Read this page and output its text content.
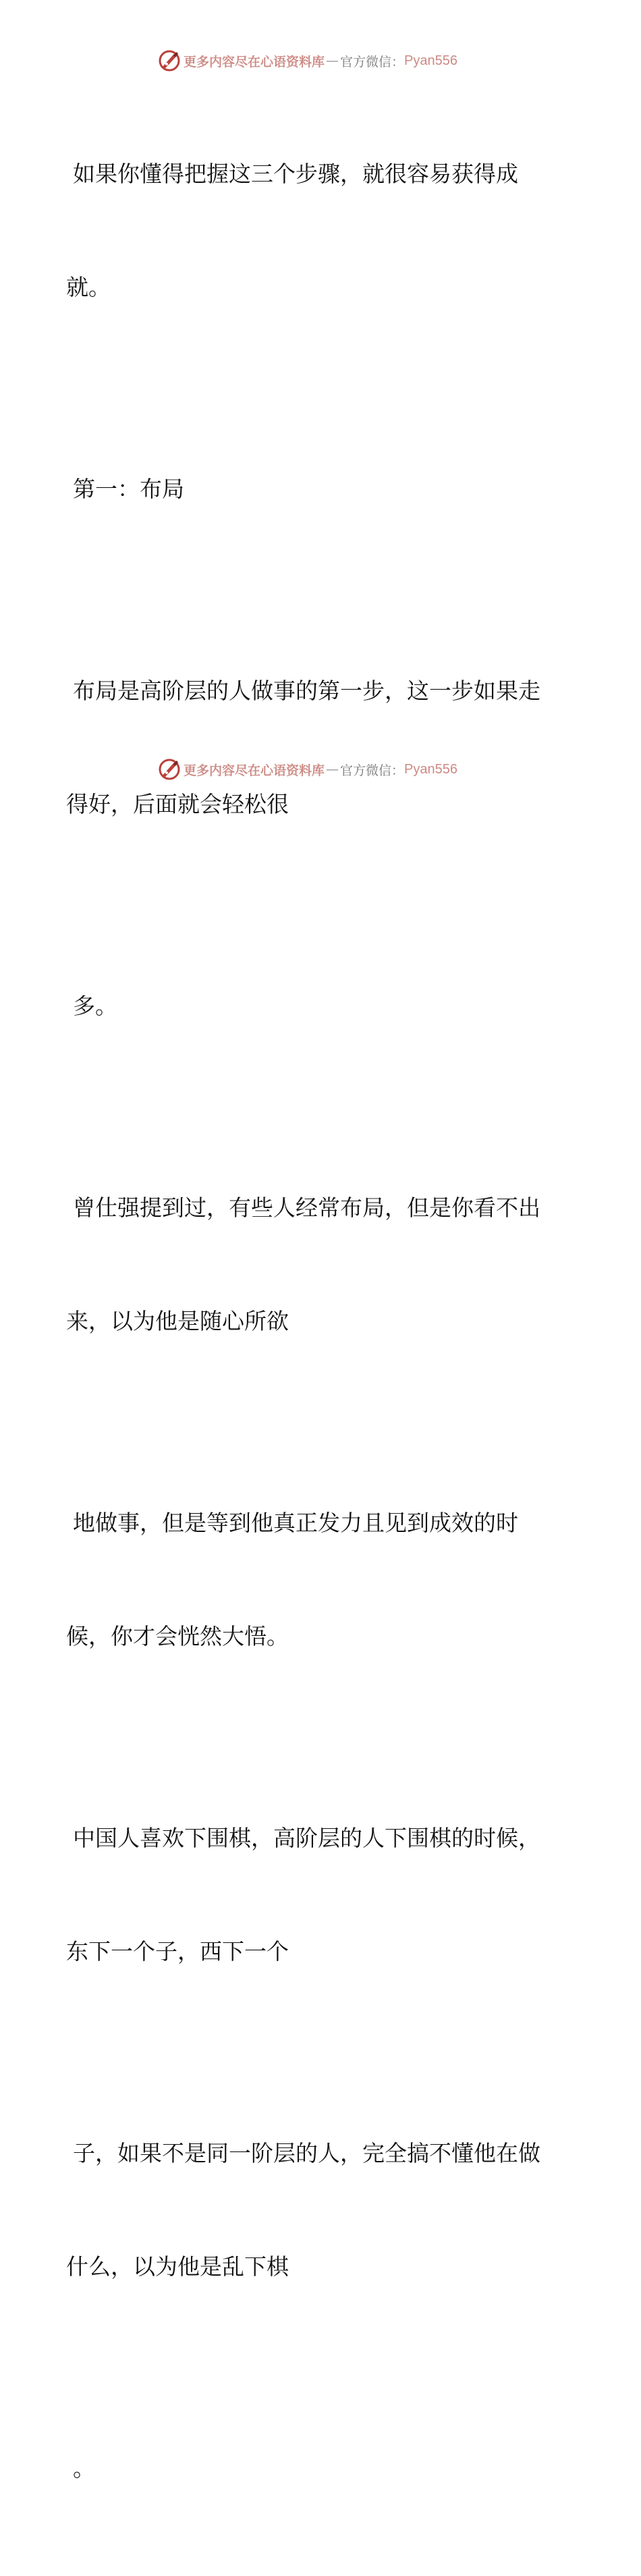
更多内容尽在心语资料库 — 官方微信： Pyan556

如果你懂得把握这三个步骤，就很容易获得成

就。

第一：布局

布局是高阶层的人做事的第一步，这一步如果走

得好，后面就会轻松很

多。

曾仕强提到过，有些人经常布局，但是你看不出

来，以为他是随心所欲

地做事，但是等到他真正发力且见到成效的时

候，你才会恍然大悟。

中国人喜欢下围棋，高阶层的人下围棋的时候，

东下一个子，西下一个

子，如果不是同一阶层的人，完全搞不懂他在做

什么，以为他是乱下棋

。

更多内容尽在心语资料库 — 官方微信： Pyan556
